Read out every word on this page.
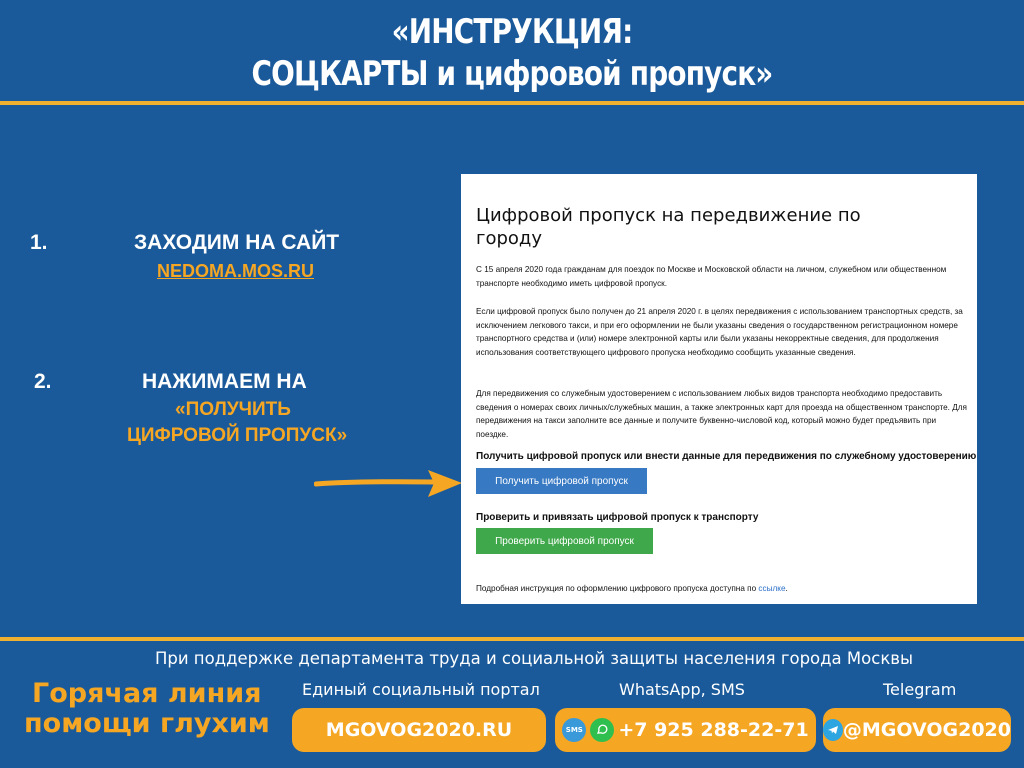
«ИНСТРУКЦИЯ:
СОЦКАРТЫ и цифровой пропуск»
1.	ЗАХОДИМ НА САЙТ
NEDOMA.MOS.RU
2.	НАЖИМАЕМ НА
«ПОЛУЧИТЬ
ЦИФРОВОЙ ПРОПУСК»
Цифровой пропуск на передвижение по городу

С 15 апреля 2020 года гражданам для поездок по Москве и Московской области на личном, служебном или общественном транспорте необходимо иметь цифровой пропуск.

Если цифровой пропуск было получен до 21 апреля 2020 г. в целях передвижения с использованием транспортных средств, за исключением легкового такси, и при его оформлении не были указаны сведения о государственном регистрационном номере транспортного средства и (или) номере электронной карты или были указаны некорректные сведения, для продолжения использования соответствующего цифрового пропуска необходимо сообщить указанные сведения.

Для передвижения со служебным удостоверением с использованием любых видов транспорта необходимо предоставить сведения о номерах своих личных/служебных машин, а также электронных карт для проезда на общественном транспорте. Для передвижения на такси заполните все данные и получите буквенно-числовой код, который можно будет предъявить при поездке.

Получить цифровой пропуск или внести данные для передвижения по служебному удостоверению
Получить цифровой пропуск
Проверить и привязать цифровой пропуск к транспорту
Проверить цифровой пропуск

Подробная инструкция по оформлению цифрового пропуска доступна по ссылке.

При поддержке департамента труда и социальной защиты населения города Москвы
Горячая линия
помощи глухим
Единый социальный портал	WhatsApp, SMS	Telegram
MGOVOG2020.RU	SMS +7 925 288-22-71 @MGOVOG2020
